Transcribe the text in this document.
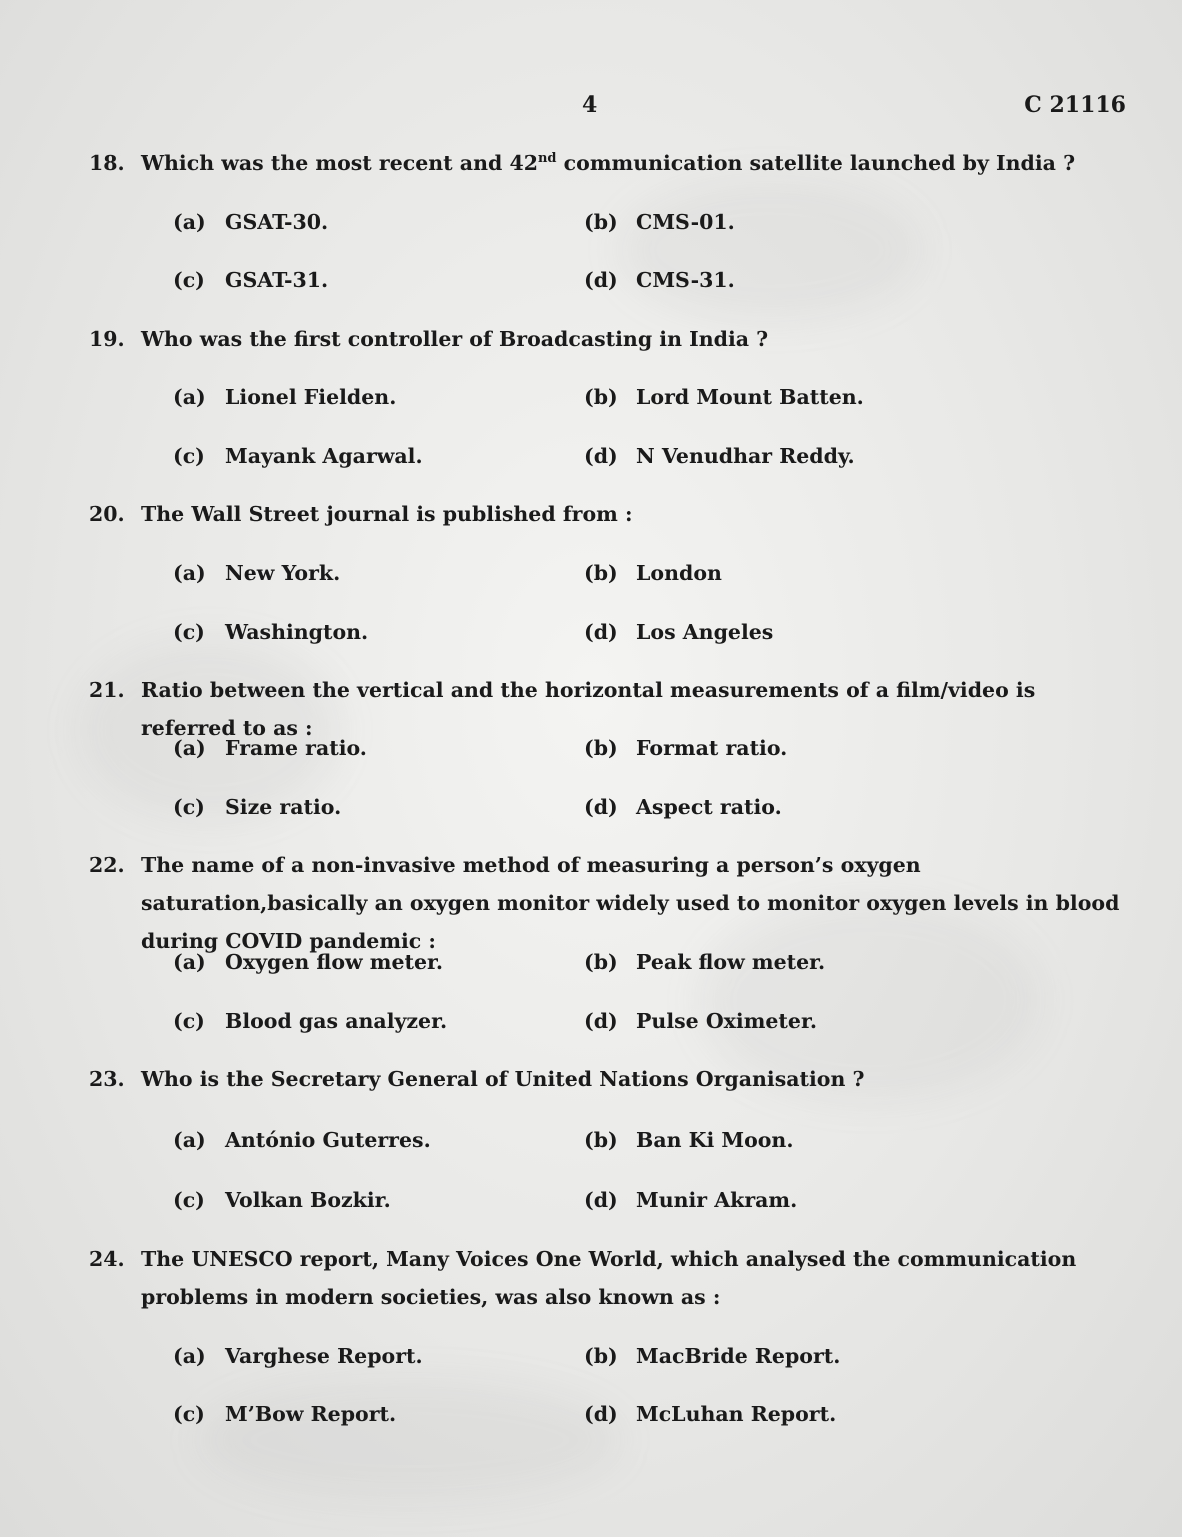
4	C 21116
18. Which was the most recent and 42nd communication satellite launched by India ?
(a) GSAT-30.	(b) CMS-01.
(c) GSAT-31.	(d) CMS-31.
19. Who was the first controller of Broadcasting in India ?
(a) Lionel Fielden.	(b) Lord Mount Batten.
(c) Mayank Agarwal.	(d) N Venudhar Reddy.
20. The Wall Street journal is published from :
(a) New York.	(b) London
(c) Washington.	(d) Los Angeles
21. Ratio between the vertical and the horizontal measurements of a film/video is referred to as :
(a) Frame ratio.	(b) Format ratio.
(c) Size ratio.	(d) Aspect ratio.
22. The name of a non-invasive method of measuring a person’s oxygen saturation,basically an oxygen monitor widely used to monitor oxygen levels in blood during COVID pandemic :
(a) Oxygen flow meter.	(b) Peak flow meter.
(c) Blood gas analyzer.	(d) Pulse Oximeter.
23. Who is the Secretary General of United Nations Organisation ?
(a) António Guterres.	(b) Ban Ki Moon.
(c) Volkan Bozkir.	(d) Munir Akram.
24. The UNESCO report, Many Voices One World, which analysed the communication problems in modern societies, was also known as :
(a) Varghese Report.	(b) MacBride Report.
(c) M’Bow Report.	(d) McLuhan Report.
